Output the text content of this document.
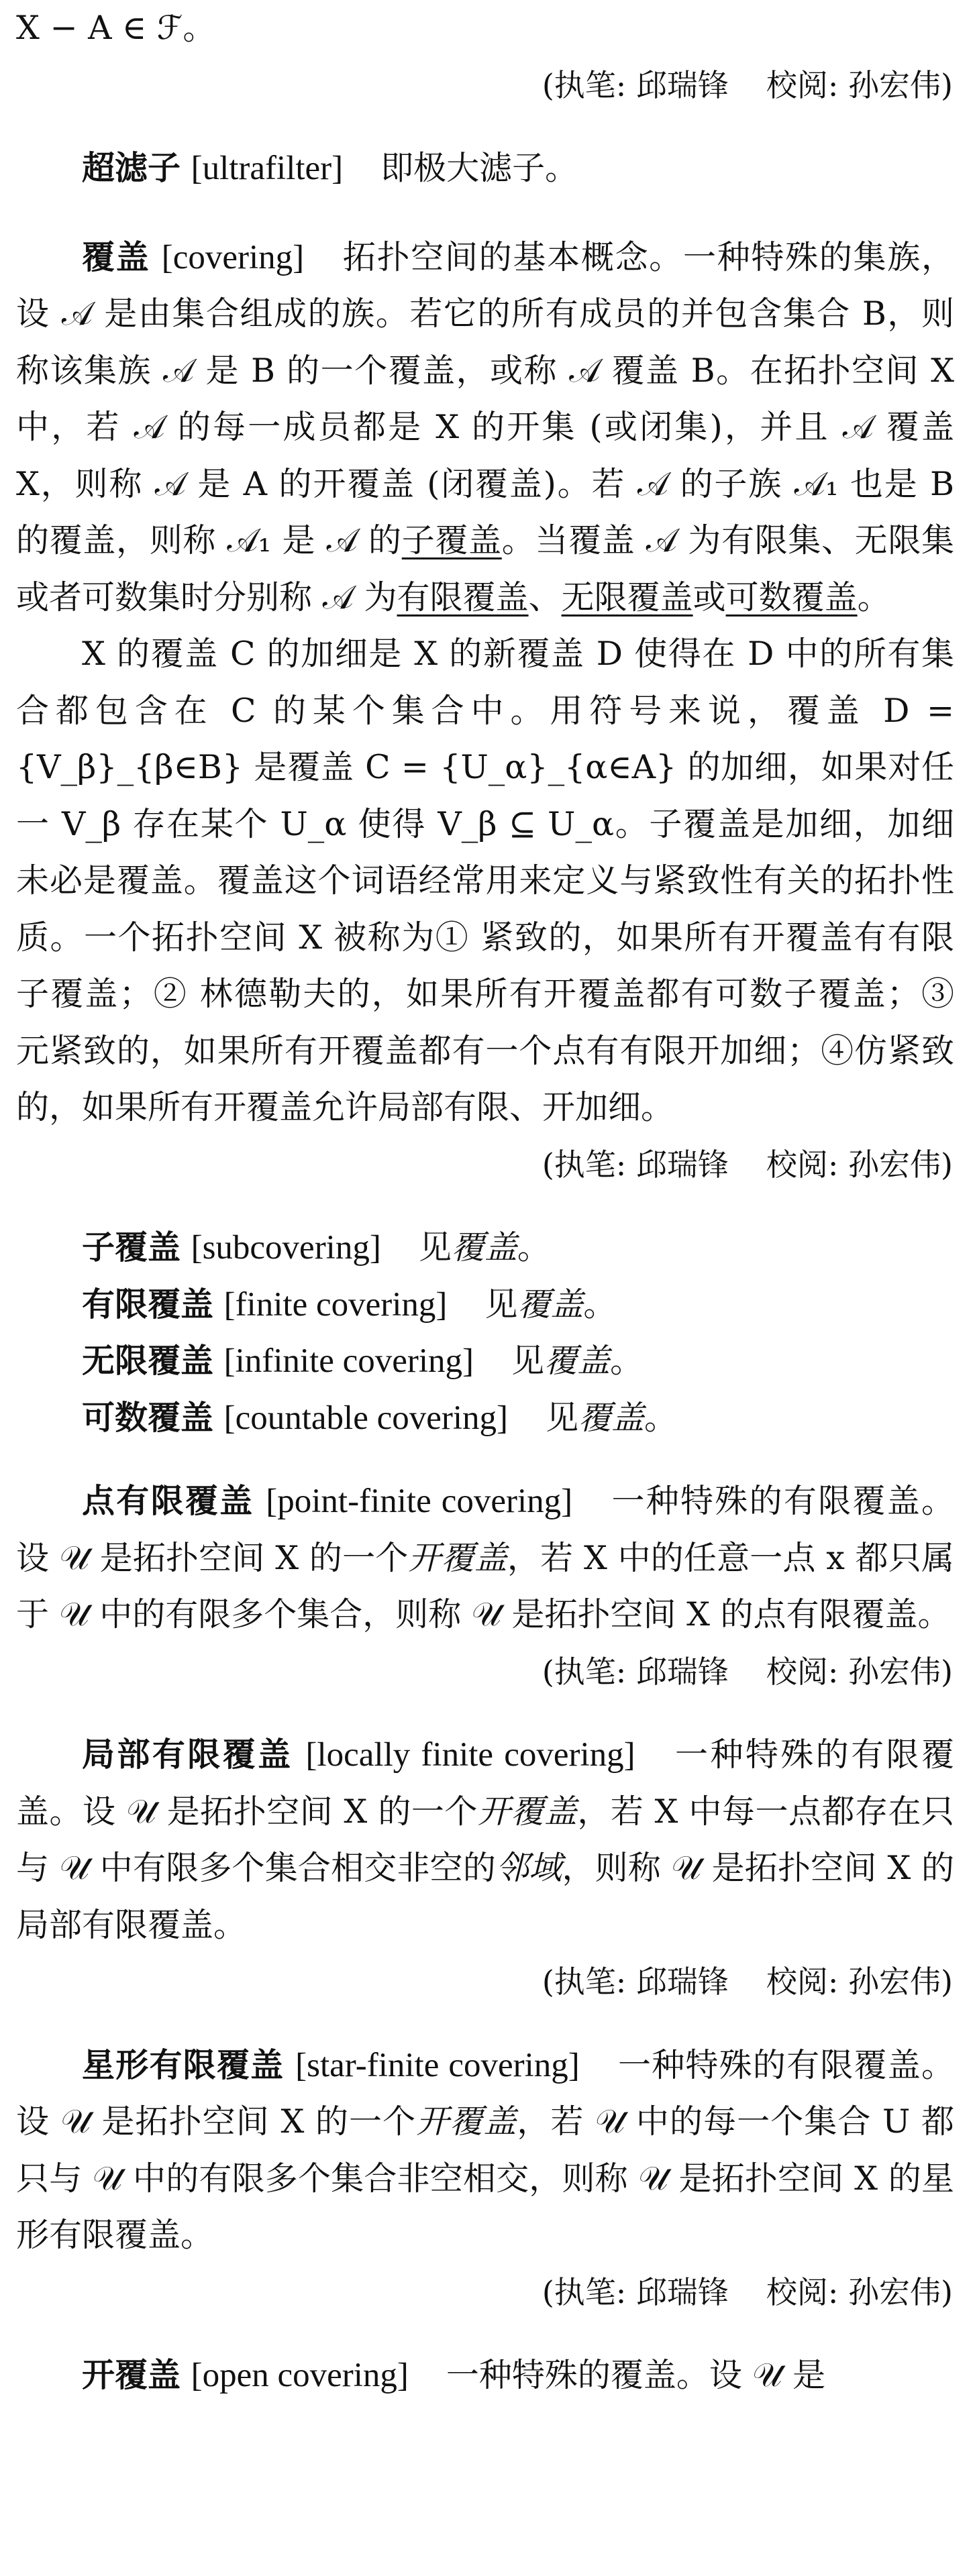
X − A ∈ ℱ。

(执笔: 邱瑞锋 校阅: 孙宏伟)

超滤子 [ultrafilter] 即极大滤子。

覆盖 [covering] 拓扑空间的基本概念。一种特殊的集族，设 𝒜 是由集合组成的族。若它的所有成员的并包含集合 B，则称该集族 𝒜 是 B 的一个覆盖，或称 𝒜 覆盖 B。在拓扑空间 X 中，若 𝒜 的每一成员都是 X 的开集 (或闭集)，并且 𝒜 覆盖 X，则称 𝒜 是 A 的开覆盖 (闭覆盖)。若 𝒜 的子族 𝒜₁ 也是 B 的覆盖，则称 𝒜₁ 是 𝒜 的子覆盖。当覆盖 𝒜 为有限集、无限集或者可数集时分别称 𝒜 为有限覆盖、无限覆盖或可数覆盖。

X 的覆盖 C 的加细是 X 的新覆盖 D 使得在 D 中的所有集合都包含在 C 的某个集合中。用符号来说，覆盖 D = {V_β}_{β∈B} 是覆盖 C = {U_α}_{α∈A} 的加细，如果对任一 V_β 存在某个 U_α 使得 V_β ⊆ U_α。子覆盖是加细，加细未必是覆盖。覆盖这个词语经常用来定义与紧致性有关的拓扑性质。一个拓扑空间 X 被称为① 紧致的，如果所有开覆盖有有限子覆盖；② 林德勒夫的，如果所有开覆盖都有可数子覆盖；③ 元紧致的，如果所有开覆盖都有一个点有有限开加细；④仿紧致的，如果所有开覆盖允许局部有限、开加细。

(执笔: 邱瑞锋 校阅: 孙宏伟)

子覆盖 [subcovering] 见覆盖。

有限覆盖 [finite covering] 见覆盖。

无限覆盖 [infinite covering] 见覆盖。

可数覆盖 [countable covering] 见覆盖。

点有限覆盖 [point-finite covering] 一种特殊的有限覆盖。设 𝒰 是拓扑空间 X 的一个开覆盖，若 X 中的任意一点 x 都只属于 𝒰 中的有限多个集合，则称 𝒰 是拓扑空间 X 的点有限覆盖。

(执笔: 邱瑞锋 校阅: 孙宏伟)

局部有限覆盖 [locally finite covering] 一种特殊的有限覆盖。设 𝒰 是拓扑空间 X 的一个开覆盖，若 X 中每一点都存在只与 𝒰 中有限多个集合相交非空的邻域，则称 𝒰 是拓扑空间 X 的局部有限覆盖。

(执笔: 邱瑞锋 校阅: 孙宏伟)

星形有限覆盖 [star-finite covering] 一种特殊的有限覆盖。设 𝒰 是拓扑空间 X 的一个开覆盖，若 𝒰 中的每一个集合 U 都只与 𝒰 中的有限多个集合非空相交，则称 𝒰 是拓扑空间 X 的星形有限覆盖。

(执笔: 邱瑞锋 校阅: 孙宏伟)

开覆盖 [open covering] 一种特殊的覆盖。设 𝒰 是
